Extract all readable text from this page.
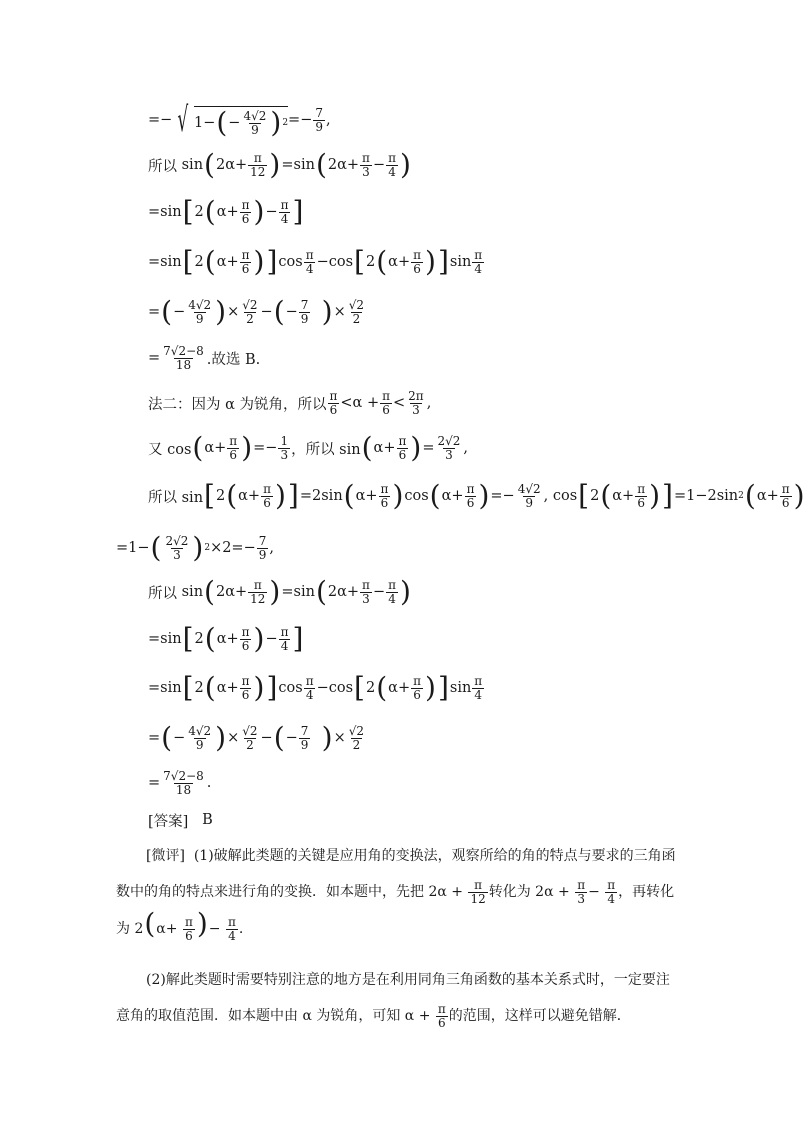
=− √ 1− ( − $\frac{4√2}{9}$ ) $2 =- \frac{7}{9}$ ,
所以
sin ( $2\alpha+ \frac{\pi}{12}$ ) =sin ( $2\alpha+ \frac{\pi}{3} - \frac{\pi}{4}$ )
=sin [ 2 ( $\alpha+ \frac{\pi}{6}$ ) − $\frac{\pi}{4}$ ]
=sin [ 2 ( $\alpha+ \frac{\pi}{6}$ ) ] $\cos \frac{\pi}{4} - \cos$ [ 2 ( $\alpha+ \frac{\pi}{6}$ ) ] $\sin \frac{\pi}{4}$
= ( − $\frac{4√2}{9}$ ) × $\frac{√2}{2}$ − ( − $\frac{7}{9}$
) × $\frac{√2}{2}$
= $\frac{7√2-8}{18}$ .故选 B.
法二：因为 α 为锐角，所以 $\frac{\pi}{6} <\alpha + \frac{\pi}{6} < \frac{2\pi}{3}$ ,
又 cos ( $\alpha+ \frac{\pi}{6}$ ) =− $\frac{1}{3}$ ，所以 sin ( $\alpha+ \frac{\pi}{6}$ ) = $\frac{2√2}{3}$ ,
所以 sin [ 2 ( $\alpha+ \frac{\pi}{6}$ ) ] =2sin ( $\alpha+ \frac{\pi}{6}$ ) cos ( $\alpha+ \frac{\pi}{6}$ ) =− $\frac{4√2}{9}$ , cos [ 2 ( $\alpha+ \frac{\pi}{6}$ ) ] =1−2sin 2 ( $\alpha+ \frac{\pi}{6}$ )
=1− ( $\frac{2√2}{3}$ ) $2 \times 2=- \frac{7}{9}$ ,
所以
sin ( $2\alpha+ \frac{\pi}{12}$ ) =sin ( $2\alpha+ \frac{\pi}{3} - \frac{\pi}{4}$ )
=sin [ 2 ( $\alpha+ \frac{\pi}{6}$ ) − $\frac{\pi}{4}$ ]
=sin [ 2 ( $\alpha+ \frac{\pi}{6}$ ) ] $\cos \frac{\pi}{4} - \cos$ [ 2 ( $\alpha+ \frac{\pi}{6}$ ) ] $\sin \frac{\pi}{4}$
= ( − $\frac{4√2}{9}$ ) × $\frac{√2}{2}$ − ( − $\frac{7}{9}$
) × $\frac{√2}{2}$
= $\frac{7√2-8}{18}$ .
[答案]
B
[微评] (1)破解此类题的关键是应用角的变换法，观察所给的角的特点与要求的三角函数中的角的特点来进行角的变换．如本题中，先把 $2\alpha + \frac{\pi}{12}$ 转化为 $2\alpha + \frac{\pi}{3} - \frac{\pi}{4}$ ，再转化为 $2(\alpha+ \frac{\pi}{6}$ )− $\frac{\pi}{4}$ .
(2)解此类题时需要特别注意的地方是在利用同角三角函数的基本关系式时，一定要注意角的取值范围．如本题中由 α 为锐角，可知 $\alpha + \frac{\pi}{6}$ 的范围，这样可以避免错解．
